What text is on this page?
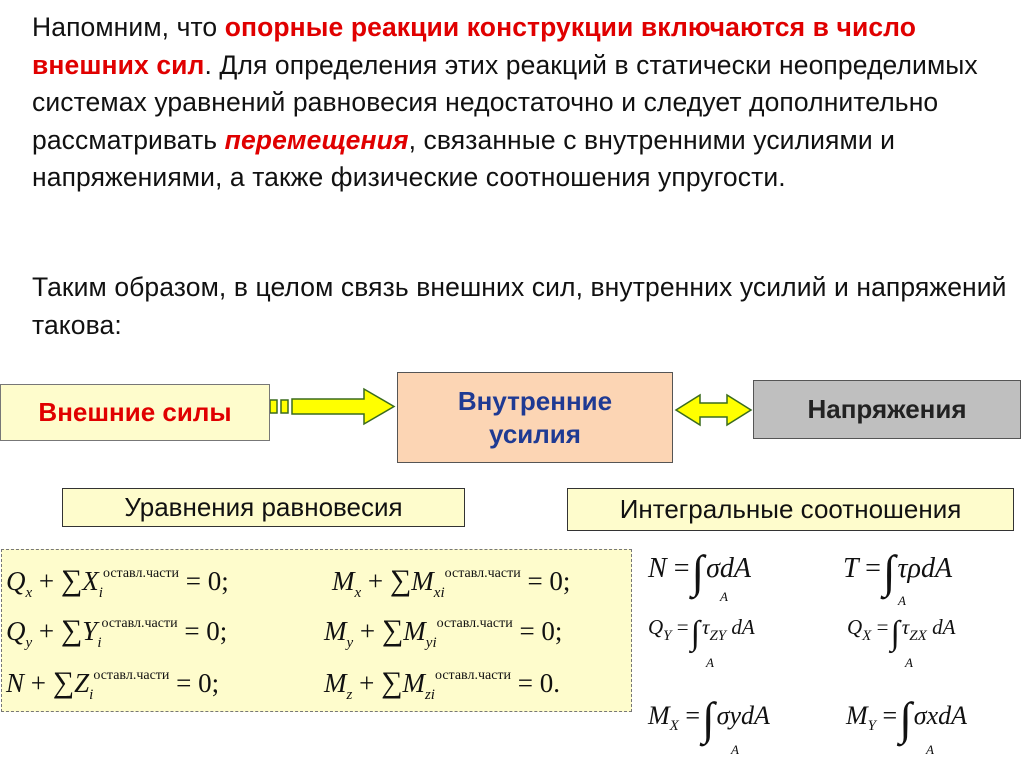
Напомним, что опорные реакции конструкции включаются в число внешних сил. Для определения этих реакций в статически неопределимых системах уравнений равновесия недостаточно и следует дополнительно рассматривать перемещения, связанные с внутренними усилиями и напряжениями, а также физические соотношения упругости.

Таким образом, в целом связь внешних сил, внутренних усилий и напряжений такова:

Внешние силы	Внутренние
усилия
Напряжения
Уравнения равновесия	Интегральные соотношения
$Q_x + \sum X_i^{оставл.части} = 0$;	$M_x + \sum M_{xi}^{оставл.части} = 0$;
$Q_y + \sum Y_i^{оставл.части} = 0$;	$M_y + \sum M_{yi}^{оставл.части} = 0$;
$N + \sum Z_i^{оставл.части} = 0$;	$M_z + \sum M_{zi}^{оставл.части} = 0$.
N =∫σdA
A
T =∫τρdA
A
$Q_Y =\int\tau_{ZY}$ dA
A
$Q_X =\int\tau_{ZX}$ dA
A
$M_X =\int\sigma ydA$
A
$M_Y =\int\sigma xdA$
A
